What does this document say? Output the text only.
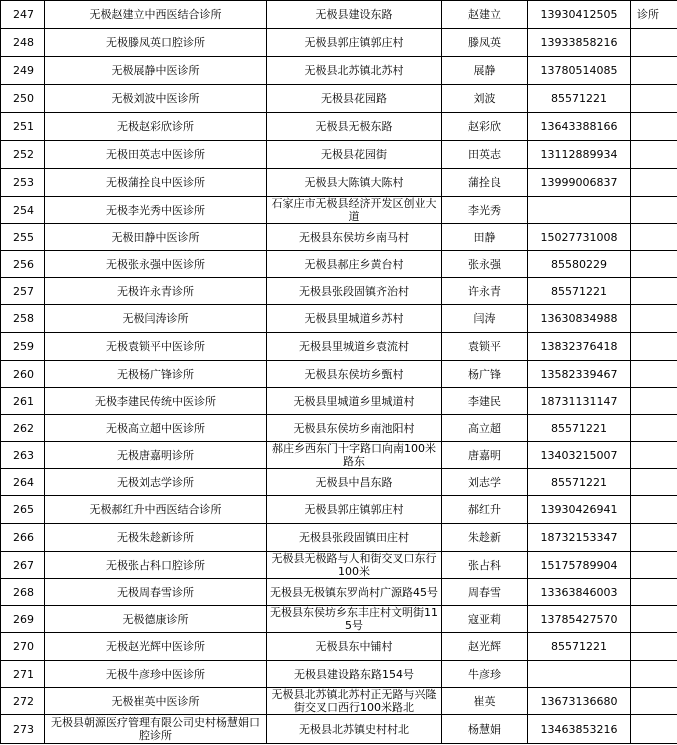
247	无极赵建立中西医结合诊所	无极县建设东路	赵建立	13930412505	诊所
248	无极滕凤英口腔诊所	无极县郭庄镇郭庄村	滕凤英	13933858216	
249	无极展静中医诊所	无极县北苏镇北苏村	展静	13780514085	
250	无极刘波中医诊所	无极县花园路	刘波	85571221	
251	无极赵彩欣诊所	无极县无极东路	赵彩欣	13643388166	
252	无极田英志中医诊所	无极县花园街	田英志	13112889934	
253	无极蒲拴良中医诊所	无极县大陈镇大陈村	蒲拴良	13999006837	
254	无极李光秀中医诊所	石家庄市无极县经济开发区创业大道	李光秀		
255	无极田静中医诊所	无极县东侯坊乡南马村	田静	15027731008	
256	无极张永强中医诊所	无极县郝庄乡黄台村	张永强	85580229	
257	无极许永青诊所	无极县张段固镇齐治村	许永青	85571221	
258	无极闫涛诊所	无极县里城道乡苏村	闫涛	13630834988	
259	无极袁锁平中医诊所	无极县里城道乡袁流村	袁锁平	13832376418	
260	无极杨广锋诊所	无极县东侯坊乡甄村	杨广锋	13582339467	
261	无极李建民传统中医诊所	无极县里城道乡里城道村	李建民	18731131147	
262	无极高立超中医诊所	无极县东侯坊乡南池阳村	高立超	85571221	
263	无极唐嘉明诊所	郝庄乡西东门十字路口向南100米路东	唐嘉明	13403215007	
264	无极刘志学诊所	无极县中昌东路	刘志学	85571221	
265	无极郝红升中西医结合诊所	无极县郭庄镇郭庄村	郝红升	13930426941	
266	无极朱趁新诊所	无极县张段固镇田庄村	朱趁新	18732153347	
267	无极张占科口腔诊所	无极县无极路与人和街交叉口东行100米	张占科	15175789904	
268	无极周春雪诊所	无极县无极镇东罗尚村广源路45号	周春雪	13363846003	
269	无极德康诊所	无极县东侯坊乡东丰庄村文明街115号	寇亚莉	13785427570	
270	无极赵光辉中医诊所	无极县东中铺村	赵光辉	85571221	
271	无极牛彦珍中医诊所	无极县建设路东路154号	牛彦珍		
272	无极崔英中医诊所	无极县北苏镇北苏村正无路与兴隆街交叉口西行100米路北	崔英	13673136680	
273	无极县朝源医疗管理有限公司史村杨慧娟口腔诊所	无极县北苏镇史村村北	杨慧娟	13463853216	
